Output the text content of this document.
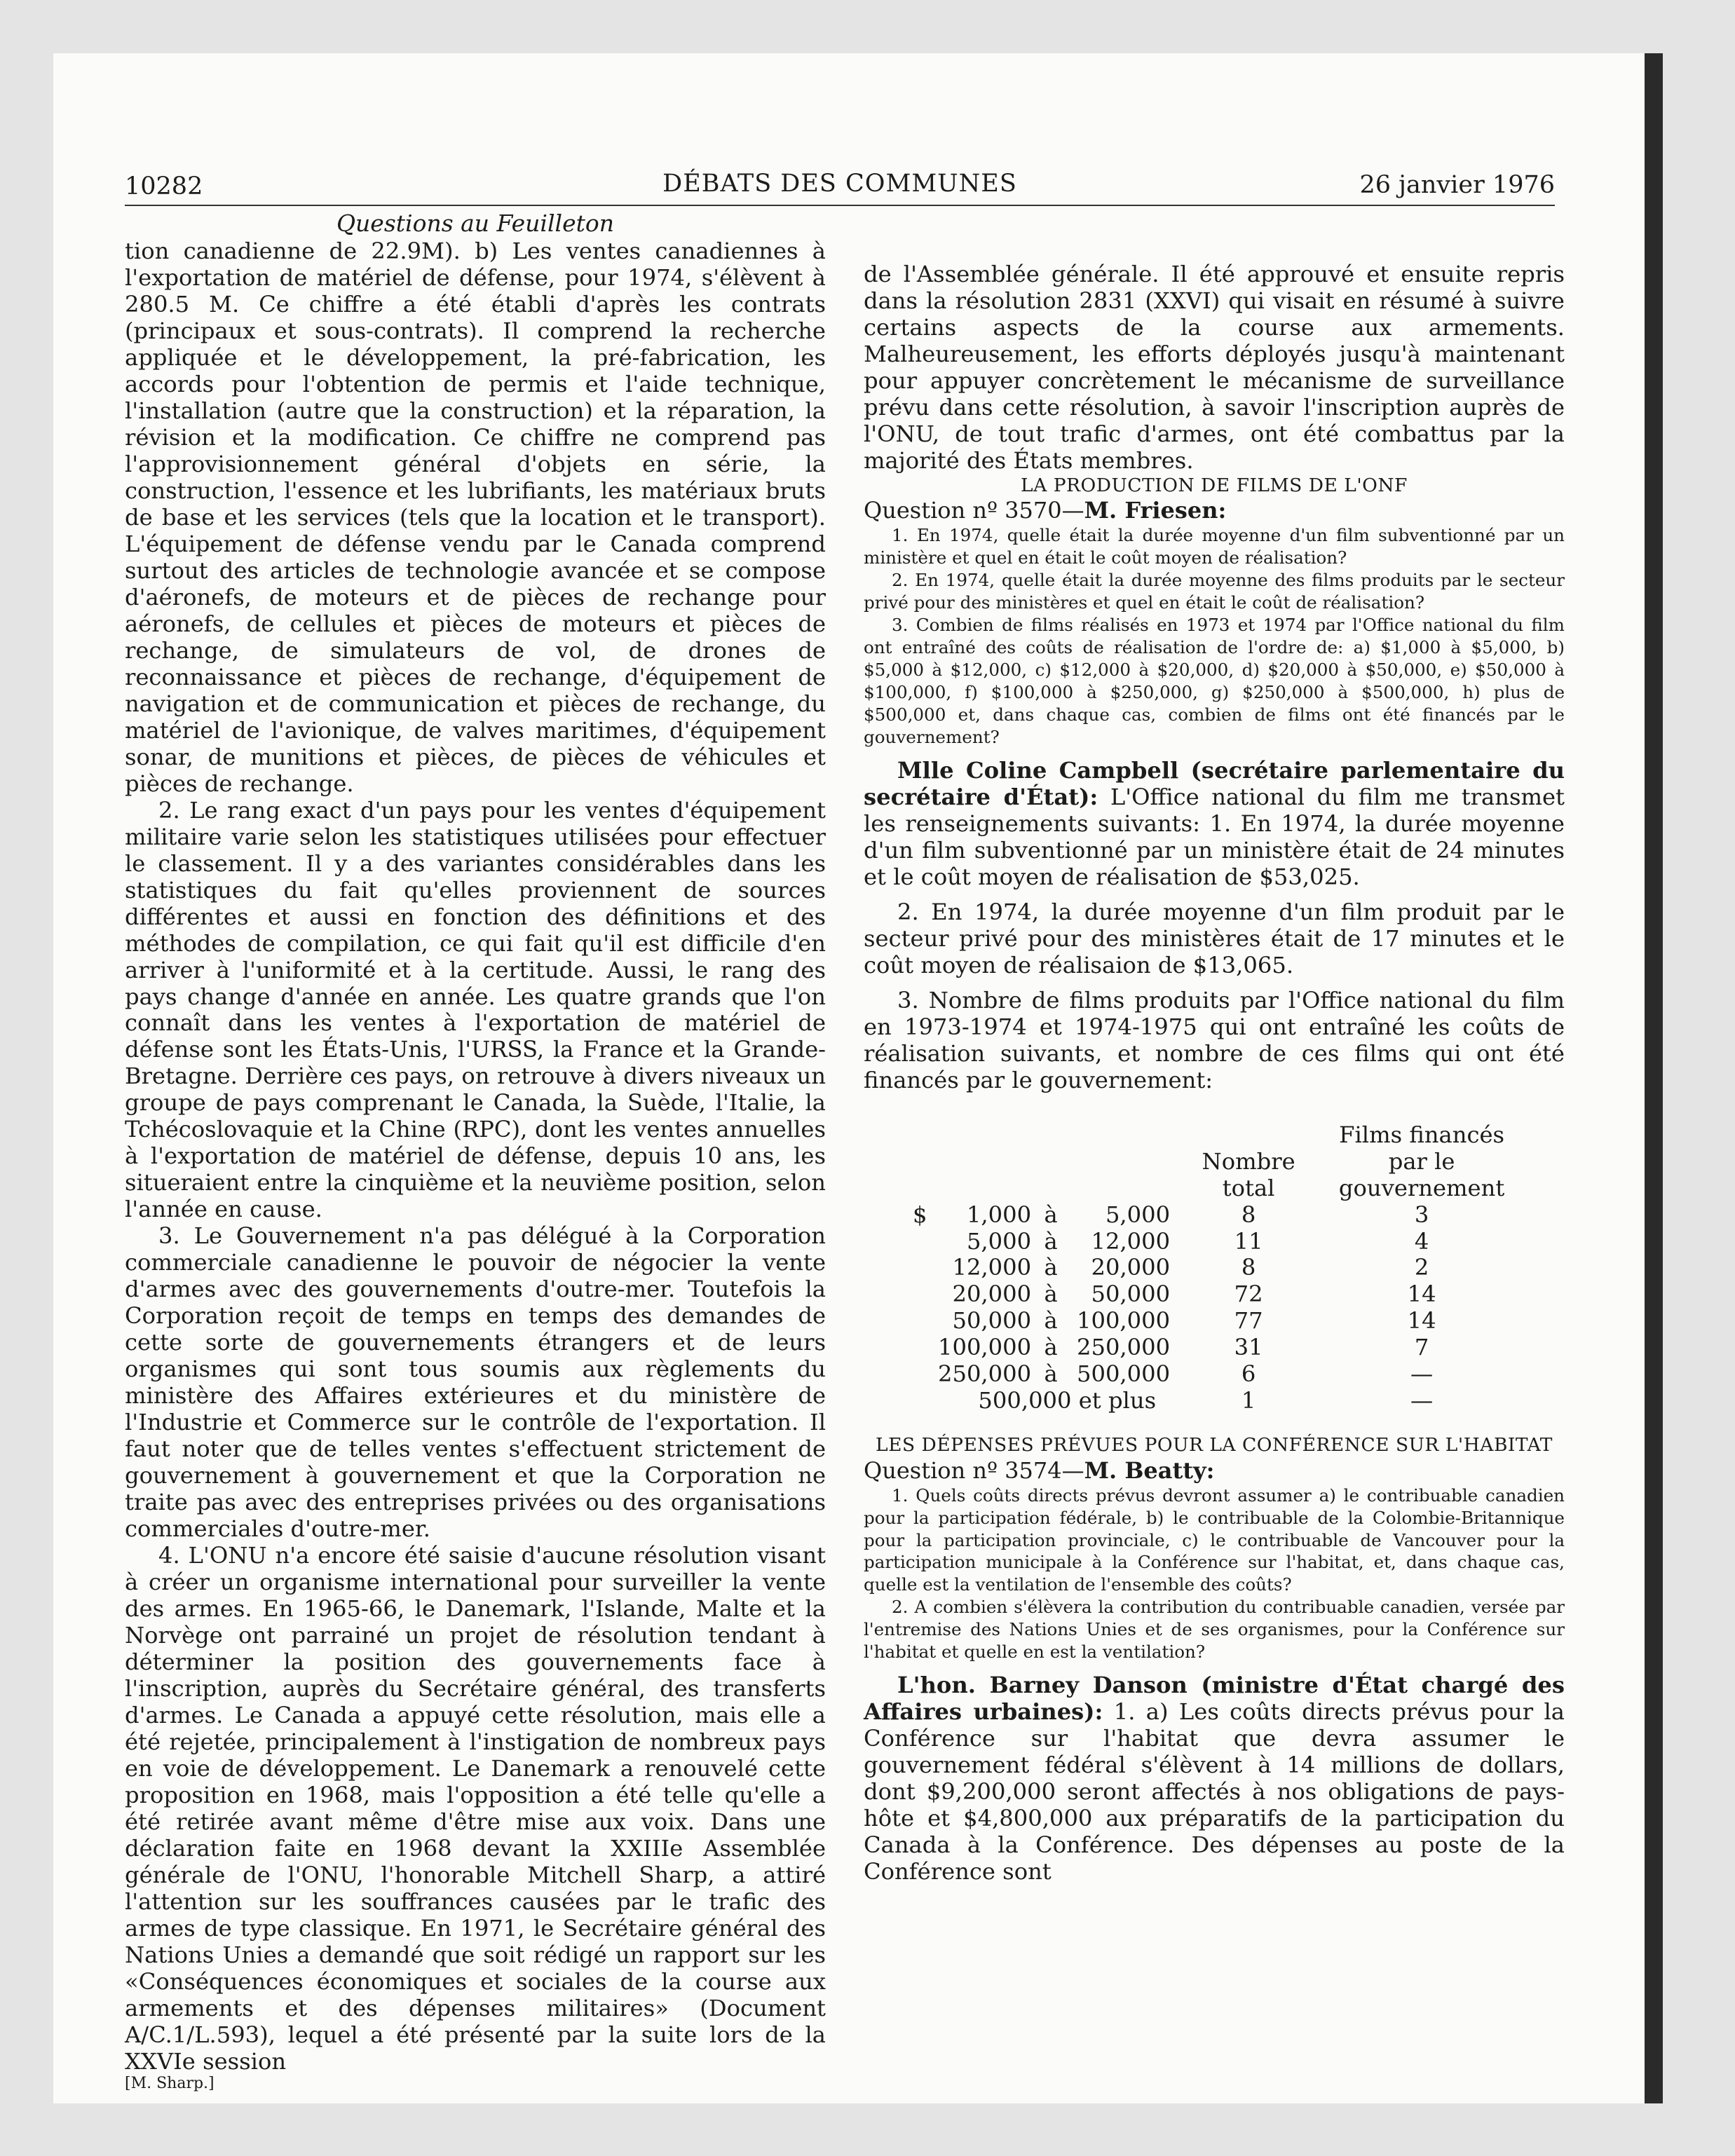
10282	DÉBATS DES COMMUNES	26 janvier 1976

Questions au Feuilleton

tion canadienne de 22.9M). b) Les ventes canadiennes à l'exportation de matériel de défense, pour 1974, s'élèvent à 280.5 M. Ce chiffre a été établi d'après les contrats (principaux et sous-contrats). Il comprend la recherche appliquée et le développement, la pré-fabrication, les accords pour l'obtention de permis et l'aide technique, l'installation (autre que la construction) et la réparation, la révision et la modification. Ce chiffre ne comprend pas l'approvisionnement général d'objets en série, la construction, l'essence et les lubrifiants, les matériaux bruts de base et les services (tels que la location et le transport). L'équipement de défense vendu par le Canada comprend surtout des articles de technologie avancée et se compose d'aéronefs, de moteurs et de pièces de rechange pour aéronefs, de cellules et pièces de moteurs et pièces de rechange, de simulateurs de vol, de drones de reconnaissance et pièces de rechange, d'équipement de navigation et de communication et pièces de rechange, du matériel de l'avionique, de valves maritimes, d'équipement sonar, de munitions et pièces, de pièces de véhicules et pièces de rechange.

2. Le rang exact d'un pays pour les ventes d'équipement militaire varie selon les statistiques utilisées pour effectuer le classement. Il y a des variantes considérables dans les statistiques du fait qu'elles proviennent de sources différentes et aussi en fonction des définitions et des méthodes de compilation, ce qui fait qu'il est difficile d'en arriver à l'uniformité et à la certitude. Aussi, le rang des pays change d'année en année. Les quatre grands que l'on connaît dans les ventes à l'exportation de matériel de défense sont les États-Unis, l'URSS, la France et la Grande-Bretagne. Derrière ces pays, on retrouve à divers niveaux un groupe de pays comprenant le Canada, la Suède, l'Italie, la Tchécoslovaquie et la Chine (RPC), dont les ventes annuelles à l'exportation de matériel de défense, depuis 10 ans, les situeraient entre la cinquième et la neuvième position, selon l'année en cause.

3. Le Gouvernement n'a pas délégué à la Corporation commerciale canadienne le pouvoir de négocier la vente d'armes avec des gouvernements d'outre-mer. Toutefois la Corporation reçoit de temps en temps des demandes de cette sorte de gouvernements étrangers et de leurs organismes qui sont tous soumis aux règlements du ministère des Affaires extérieures et du ministère de l'Industrie et Commerce sur le contrôle de l'exportation. Il faut noter que de telles ventes s'effectuent strictement de gouvernement à gouvernement et que la Corporation ne traite pas avec des entreprises privées ou des organisations commerciales d'outre-mer.

4. L'ONU n'a encore été saisie d'aucune résolution visant à créer un organisme international pour surveiller la vente des armes. En 1965-66, le Danemark, l'Islande, Malte et la Norvège ont parrainé un projet de résolution tendant à déterminer la position des gouvernements face à l'inscription, auprès du Secrétaire général, des transferts d'armes. Le Canada a appuyé cette résolution, mais elle a été rejetée, principalement à l'instigation de nombreux pays en voie de développement. Le Danemark a renouvelé cette proposition en 1968, mais l'opposition a été telle qu'elle a été retirée avant même d'être mise aux voix. Dans une déclaration faite en 1968 devant la XXIIIe Assemblée générale de l'ONU, l'honorable Mitchell Sharp, a attiré l'attention sur les souffrances causées par le trafic des armes de type classique. En 1971, le Secrétaire général des Nations Unies a demandé que soit rédigé un rapport sur les «Conséquences économiques et sociales de la course aux armements et des dépenses militaires» (Document A/C.1/L.593), lequel a été présenté par la suite lors de la XXVIe session

[M. Sharp.]

de l'Assemblée générale. Il été approuvé et ensuite repris dans la résolution 2831 (XXVI) qui visait en résumé à suivre certains aspects de la course aux armements. Malheureusement, les efforts déployés jusqu'à maintenant pour appuyer concrètement le mécanisme de surveillance prévu dans cette résolution, à savoir l'inscription auprès de l'ONU, de tout trafic d'armes, ont été combattus par la majorité des États membres.

LA PRODUCTION DE FILMS DE L'ONF

Question nº 3570—M. Friesen:

1. En 1974, quelle était la durée moyenne d'un film subventionné par un ministère et quel en était le coût moyen de réalisation?

2. En 1974, quelle était la durée moyenne des films produits par le secteur privé pour des ministères et quel en était le coût de réalisation?

3. Combien de films réalisés en 1973 et 1974 par l'Office national du film ont entraîné des coûts de réalisation de l'ordre de: a) $1,000 à $5,000, b) $5,000 à $12,000, c) $12,000 à $20,000, d) $20,000 à $50,000, e) $50,000 à $100,000, f) $100,000 à $250,000, g) $250,000 à $500,000, h) plus de $500,000 et, dans chaque cas, combien de films ont été financés par le gouvernement?

Mlle Coline Campbell (secrétaire parlementaire du secrétaire d'État): L'Office national du film me transmet les renseignements suivants: 1. En 1974, la durée moyenne d'un film subventionné par un ministère était de 24 minutes et le coût moyen de réalisation de $53,025.

2. En 1974, la durée moyenne d'un film produit par le secteur privé pour des ministères était de 17 minutes et le coût moyen de réalisaion de $13,065.

3. Nombre de films produits par l'Office national du film en 1973-1974 et 1974-1975 qui ont entraîné les coûts de réalisation suivants, et nombre de ces films qui ont été financés par le gouvernement:

				Nombre total	Films financés par le gouvernement
$	1,000	à	5,000	8	3
	5,000	à	12,000	11	4
	12,000	à	20,000	8	2
	20,000	à	50,000	72	14
	50,000	à	100,000	77	14
	100,000	à	250,000	31	7
	250,000	à	500,000	6	—
	500,000 et plus			1	—

LES DÉPENSES PRÉVUES POUR LA CONFÉRENCE SUR L'HABITAT

Question nº 3574—M. Beatty:

1. Quels coûts directs prévus devront assumer a) le contribuable canadien pour la participation fédérale, b) le contribuable de la Colombie-Britannique pour la participation provinciale, c) le contribuable de Vancouver pour la participation municipale à la Conférence sur l'habitat, et, dans chaque cas, quelle est la ventilation de l'ensemble des coûts?

2. A combien s'élèvera la contribution du contribuable canadien, versée par l'entremise des Nations Unies et de ses organismes, pour la Conférence sur l'habitat et quelle en est la ventilation?

L'hon. Barney Danson (ministre d'État chargé des Affaires urbaines): 1. a) Les coûts directs prévus pour la Conférence sur l'habitat que devra assumer le gouvernement fédéral s'élèvent à 14 millions de dollars, dont $9,200,000 seront affectés à nos obligations de pays-hôte et $4,800,000 aux préparatifs de la participation du Canada à la Conférence. Des dépenses au poste de la Conférence sont
